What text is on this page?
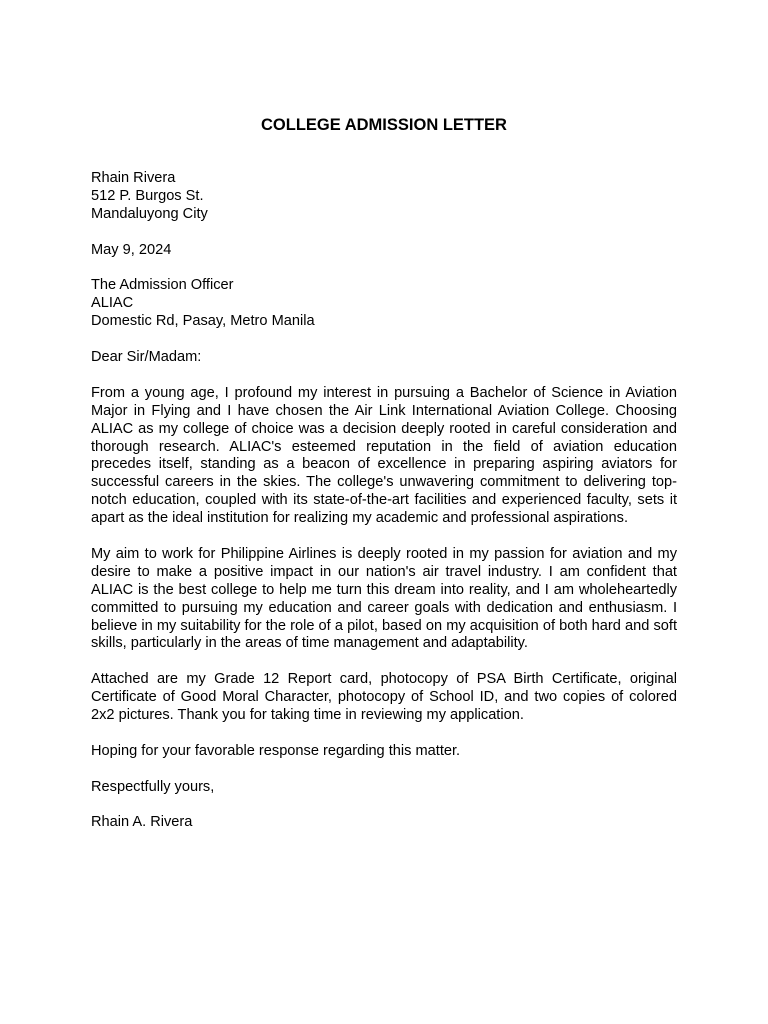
COLLEGE ADMISSION LETTER
Rhain Rivera
512 P. Burgos St.
Mandaluyong City
May 9, 2024
The Admission Officer
ALIAC
Domestic Rd, Pasay, Metro Manila
Dear Sir/Madam:

From a young age, I profound my interest in pursuing a Bachelor of Science in Aviation Major in Flying and I have chosen the Air Link International Aviation College. Choosing ALIAC as my college of choice was a decision deeply rooted in careful consideration and thorough research. ALIAC's esteemed reputation in the field of aviation education precedes itself, standing as a beacon of excellence in preparing aspiring aviators for successful careers in the skies. The college's unwavering commitment to delivering top-notch education, coupled with its state-of-the-art facilities and experienced faculty, sets it apart as the ideal institution for realizing my academic and professional aspirations.

My aim to work for Philippine Airlines is deeply rooted in my passion for aviation and my desire to make a positive impact in our nation's air travel industry. I am confident that ALIAC is the best college to help me turn this dream into reality, and I am wholeheartedly committed to pursuing my education and career goals with dedication and enthusiasm. I believe in my suitability for the role of a pilot, based on my acquisition of both hard and soft skills, particularly in the areas of time management and adaptability.

Attached are my Grade 12 Report card, photocopy of PSA Birth Certificate, original Certificate of Good Moral Character, photocopy of School ID, and two copies of colored 2x2 pictures. Thank you for taking time in reviewing my application.

Hoping for your favorable response regarding this matter.
Respectfully yours,
Rhain A. Rivera
